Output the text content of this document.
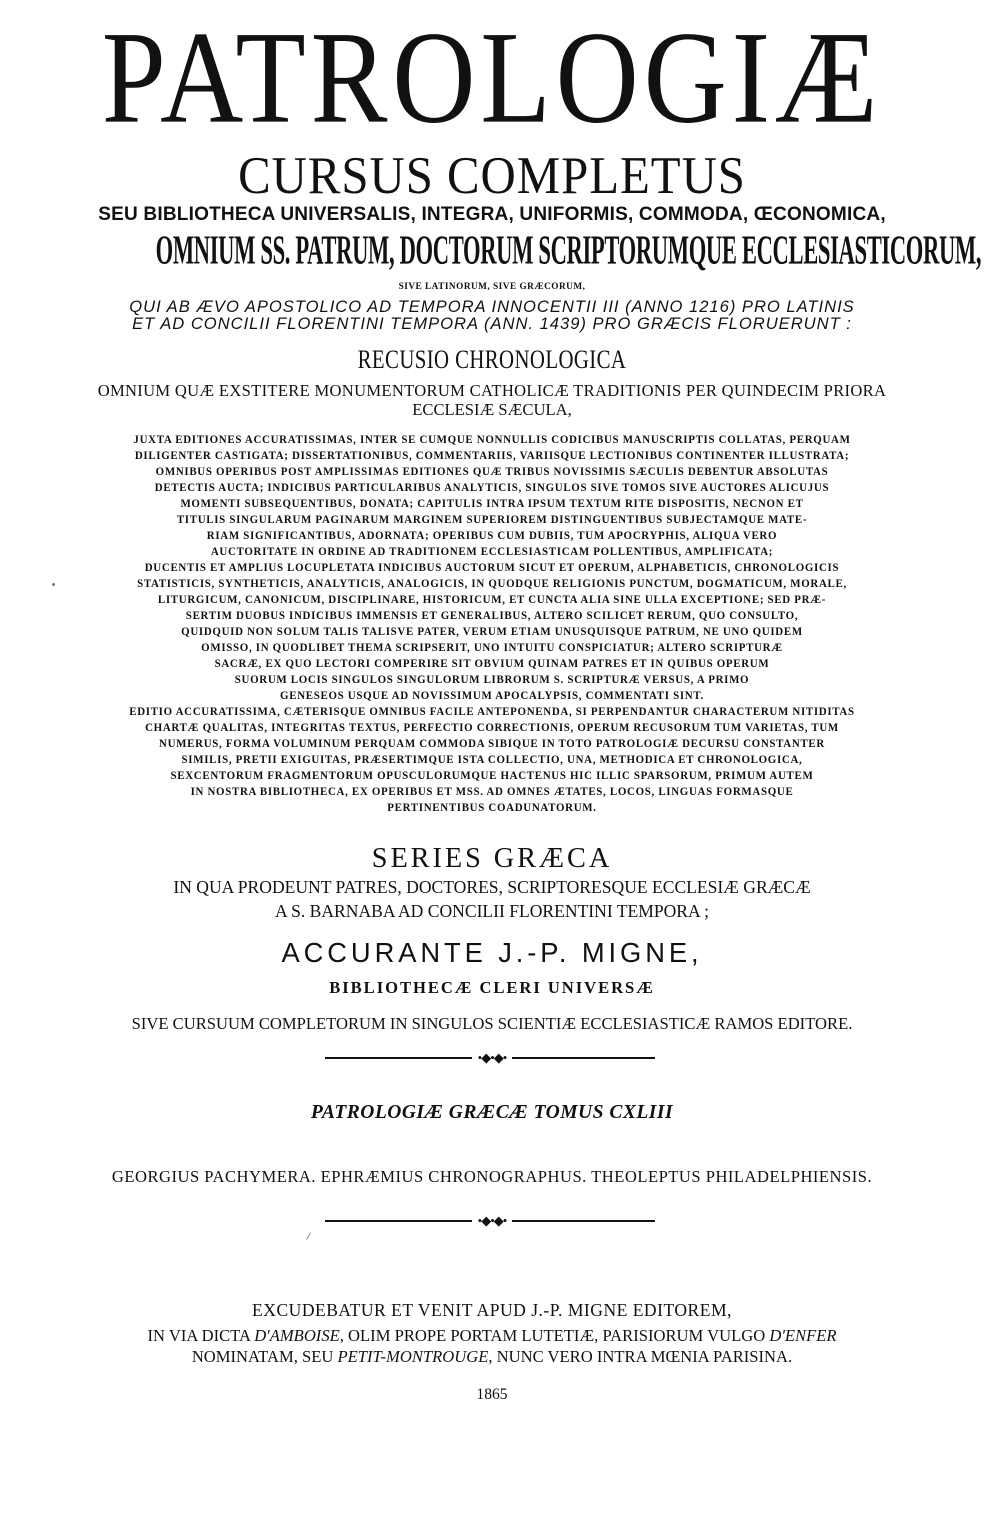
PATROLOGIÆ
CURSUS COMPLETUS
SEU BIBLIOTHECA UNIVERSALIS, INTEGRA, UNIFORMIS, COMMODA, ŒCONOMICA,
OMNIUM SS. PATRUM, DOCTORUM SCRIPTORUMQUE ECCLESIASTICORUM,
SIVE LATINORUM, SIVE GRÆCORUM,
QUI AB ÆVO APOSTOLICO AD TEMPORA INNOCENTII III (ANNO 1216) PRO LATINIS
ET AD CONCILII FLORENTINI TEMPORA (ANN. 1439) PRO GRÆCIS FLORUERUNT :
RECUSIO CHRONOLOGICA
OMNIUM QUÆ EXSTITERE MONUMENTORUM CATHOLICÆ TRADITIONIS PER QUINDECIM PRIORA
ECCLESIÆ SÆCULA,
JUXTA EDITIONES ACCURATISSIMAS, INTER SE CUMQUE NONNULLIS CODICIBUS MANUSCRIPTIS COLLATAS, PERQUAM
DILIGENTER CASTIGATA; DISSERTATIONIBUS, COMMENTARIIS, VARIISQUE LECTIONIBUS CONTINENTER ILLUSTRATA;
OMNIBUS OPERIBUS POST AMPLISSIMAS EDITIONES QUÆ TRIBUS NOVISSIMIS SÆCULIS DEBENTUR ABSOLUTAS
DETECTIS AUCTA; INDICIBUS PARTICULARIBUS ANALYTICIS, SINGULOS SIVE TOMOS SIVE AUCTORES ALICUJUS
MOMENTI SUBSEQUENTIBUS, DONATA; CAPITULIS INTRA IPSUM TEXTUM RITE DISPOSITIS, NECNON ET
TITULIS SINGULARUM PAGINARUM MARGINEM SUPERIOREM DISTINGUENTIBUS SUBJECTAMQUE MATE-
RIAM SIGNIFICANTIBUS, ADORNATA; OPERIBUS CUM DUBIIS, TUM APOCRYPHIS, ALIQUA VERO
AUCTORITATE IN ORDINE AD TRADITIONEM ECCLESIASTICAM POLLENTIBUS, AMPLIFICATA;
DUCENTIS ET AMPLIUS LOCUPLETATA INDICIBUS AUCTORUM SICUT ET OPERUM, ALPHABETICIS, CHRONOLOGICIS
STATISTICIS, SYNTHETICIS, ANALYTICIS, ANALOGICIS, IN QUODQUE RELIGIONIS PUNCTUM, DOGMATICUM, MORALE,
LITURGICUM, CANONICUM, DISCIPLINARE, HISTORICUM, ET CUNCTA ALIA SINE ULLA EXCEPTIONE; SED PRÆ-
SERTIM DUOBUS INDICIBUS IMMENSIS ET GENERALIBUS, ALTERO SCILICET RERUM, QUO CONSULTO,
QUIDQUID NON SOLUM TALIS TALISVE PATER, VERUM ETIAM UNUSQUISQUE PATRUM, NE UNO QUIDEM
OMISSO, IN QUODLIBET THEMA SCRIPSERIT, UNO INTUITU CONSPICIATUR; ALTERO SCRIPTURÆ
SACRÆ, EX QUO LECTORI COMPERIRE SIT OBVIUM QUINAM PATRES ET IN QUIBUS OPERUM
SUORUM LOCIS SINGULOS SINGULORUM LIBRORUM S. SCRIPTURÆ VERSUS, A PRIMO
GENESEOS USQUE AD NOVISSIMUM APOCALYPSIS, COMMENTATI SINT.
EDITIO ACCURATISSIMA, CÆTERISQUE OMNIBUS FACILE ANTEPONENDA, SI PERPENDANTUR CHARACTERUM NITIDITAS
CHARTÆ QUALITAS, INTEGRITAS TEXTUS, PERFECTIO CORRECTIONIS, OPERUM RECUSORUM TUM VARIETAS, TUM
NUMERUS, FORMA VOLUMINUM PERQUAM COMMODA SIBIQUE IN TOTO PATROLOGIÆ DECURSU CONSTANTER
SIMILIS, PRETII EXIGUITAS, PRÆSERTIMQUE ISTA COLLECTIO, UNA, METHODICA ET CHRONOLOGICA,
SEXCENTORUM FRAGMENTORUM OPUSCULORUMQUE HACTENUS HIC ILLIC SPARSORUM, PRIMUM AUTEM
IN NOSTRA BIBLIOTHECA, EX OPERIBUS ET MSS. AD OMNES ÆTATES, LOCOS, LINGUAS FORMASQUE
PERTINENTIBUS COADUNATORUM.
SERIES GRÆCA
IN QUA PRODEUNT PATRES, DOCTORES, SCRIPTORESQUE ECCLESIÆ GRÆCÆ
A S. BARNABA AD CONCILII FLORENTINI TEMPORA ;
ACCURANTE J.-P. MIGNE,
BIBLIOTHECÆ CLERI UNIVERSÆ
SIVE CURSUUM COMPLETORUM IN SINGULOS SCIENTIÆ ECCLESIASTICÆ RAMOS EDITORE.
•◆•◆•
PATROLOGIÆ GRÆCÆ TOMUS CXLIII
GEORGIUS PACHYMERA. EPHRÆMIUS CHRONOGRAPHUS. THEOLEPTUS PHILADELPHIENSIS.
•◆•◆•
EXCUDEBATUR ET VENIT APUD J.-P. MIGNE EDITOREM,
IN VIA DICTA D'AMBOISE, OLIM PROPE PORTAM LUTETIÆ, PARISIORUM VULGO D'ENFER
NOMINATAM, SEU PETIT-MONTROUGE, NUNC VERO INTRA MŒNIA PARISINA.
1865
